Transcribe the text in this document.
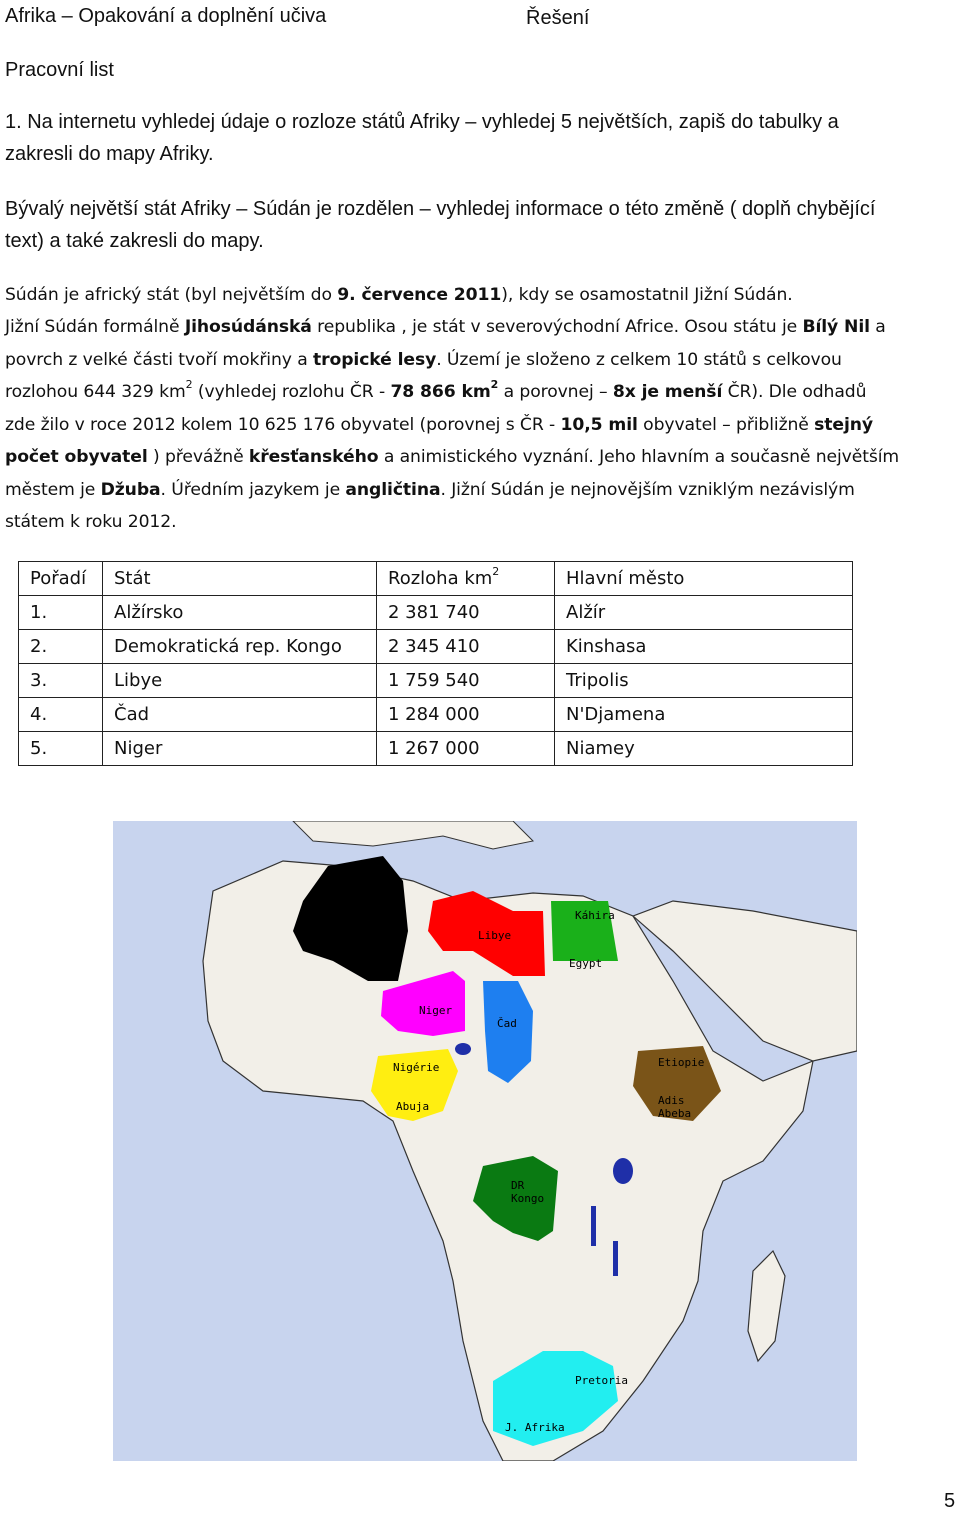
Afrika – Opakování a doplnění učiva	Řešení
Pracovní list
1. Na internetu vyhledej údaje o rozloze států Afriky – vyhledej 5 největších, zapiš do tabulky a
zakresli do mapy Afriky.
Bývalý největší stát Afriky – Súdán je rozdělen – vyhledej informace o této změně ( doplň chybějící
text) a také zakresli do mapy.
Súdán je africký stát (byl největším do 9. července 2011), kdy se osamostatnil Jižní Súdán.
Jižní Súdán formálně Jihosúdánská republika , je stát v severovýchodní Africe. Osou státu je Bílý Nil a
povrch z velké části tvoří mokřiny a tropické lesy. Území je složeno z celkem 10 států s celkovou
rozlohou 644 329 $km^2$ (vyhledej rozlohu ČR - 78 866 $km^2$ a porovnej – 8x je menší ČR). Dle odhadů
zde žilo v roce 2012 kolem 10 625 176 obyvatel (porovnej s ČR - 10,5 mil obyvatel – přibližně stejný
počet obyvatel ) převážně křesťanského a animistického vyznání. Jeho hlavním a současně největším
městem je Džuba. Úředním jazykem je angličtina. Jižní Súdán je nejnovějším vzniklým nezávislým
státem k roku 2012.
Pořadí	Stát	Rozloha $km^2$	Hlavní město
1.	Alžírsko	2 381 740	Alžír
2.	Demokratická rep. Kongo	2 345 410	Kinshasa
3.	Libye	1 759 540	Tripolis
4.	Čad	1 284 000	N'Djamena
5.	Niger	1 267 000	Niamey
Alžírsko
Libye
Káhira
Egypt
Niger
Čad
Etiopie
Adis
Abeba
Nigérie
Abuja
DR
Kongo
Pretoria
J. Afrika
5
